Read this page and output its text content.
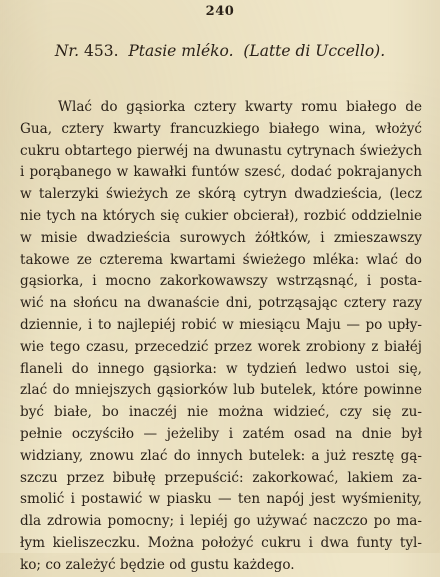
240
Nr. 453. Ptasie mléko. (Latte di Uccello).
Wlać do gąsiorka cztery kwarty romu białego de
Gua, cztery kwarty francuzkiego białego wina, włożyć
cukru obtartego pierwéj na dwunastu cytrynach świeżych
i porąbanego w kawałki funtów szesć, dodać pokrajanych
w talerzyki świeżych ze skórą cytryn dwadzieścia, (lecz
nie tych na których się cukier obcierał), rozbić oddzielnie
w misie dwadzieścia surowych żółtków, i zmieszawszy
takowe ze czterema kwartami świeżego mléka: wlać do
gąsiorka, i mocno zakorkowawszy wstrząsnąć, i posta-
wić na słońcu na dwanaście dni, potrząsając cztery razy
dziennie, i to najlepiéj robić w miesiącu Maju — po upły-
wie tego czasu, przecedzić przez worek zrobiony z białéj
flaneli do innego gąsiorka: w tydzień ledwo ustoi się,
zlać do mniejszych gąsiorków lub butelek, które powinne
być białe, bo inaczéj nie można widzieć, czy się zu-
pełnie oczyściło — jeżeliby i zatém osad na dnie był
widziany, znowu zlać do innych butelek: a już resztę gą-
szczu przez bibułę przepuścić: zakorkować, lakiem za-
smolić i postawić w piasku — ten napój jest wyśmienity,
dla zdrowia pomocny; i lepiéj go używać naczczo po ma-
łym kieliszeczku. Można położyć cukru i dwa funty tyl-
ko; co zależyć będzie od gustu każdego.
